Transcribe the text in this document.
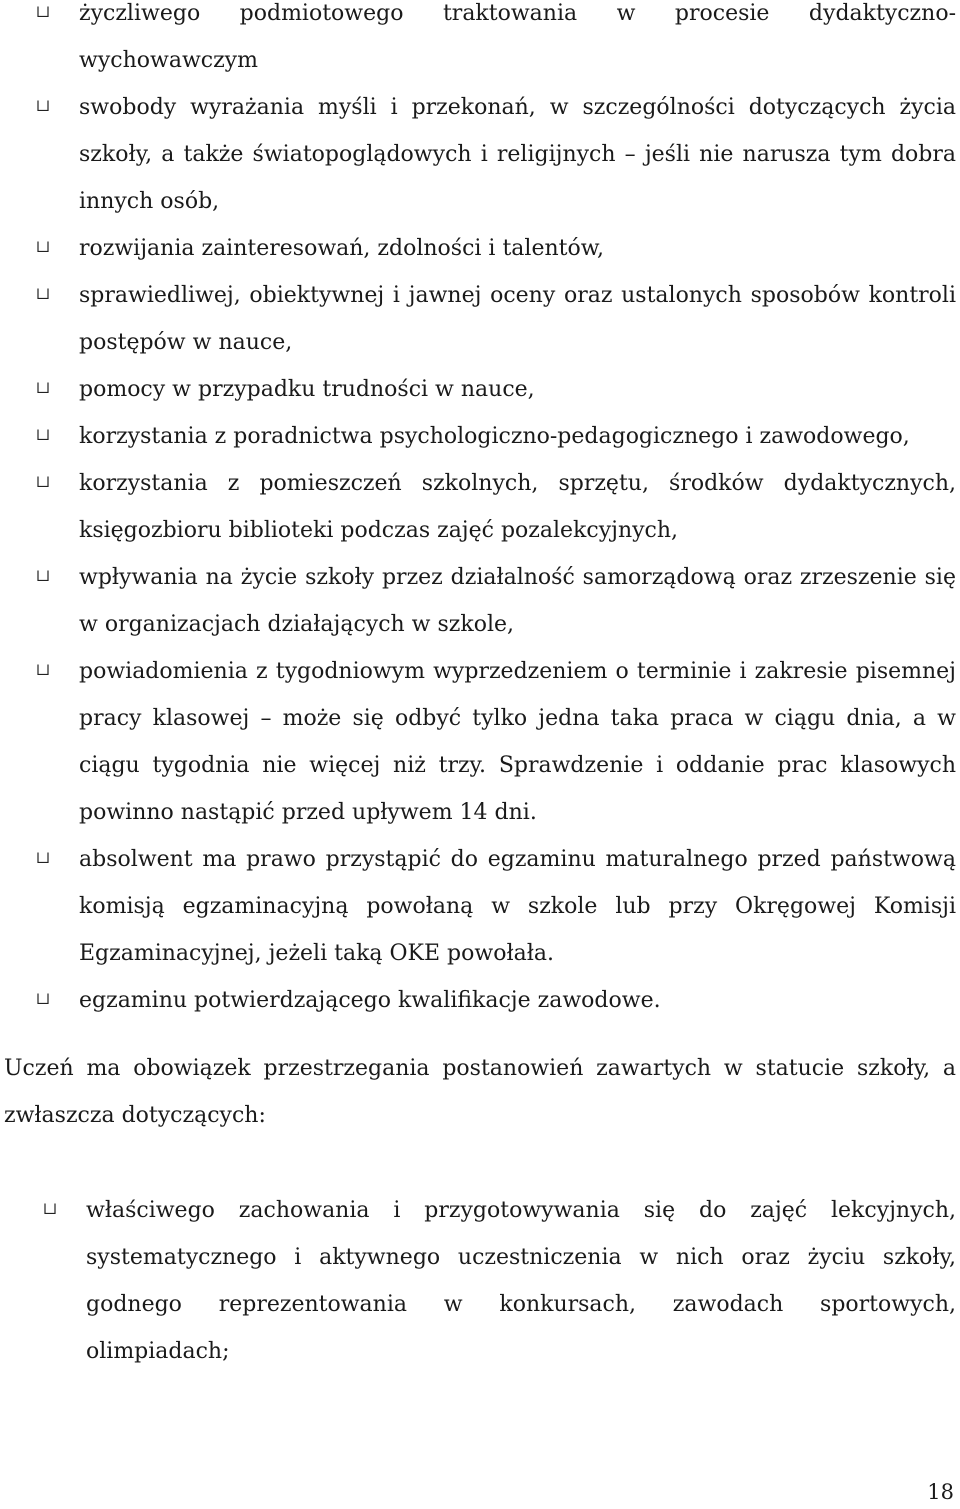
życzliwego podmiotowego traktowania w procesie dydaktyczno-wychowawczym
swobody wyrażania myśli i przekonań, w szczególności dotyczących życia szkoły, a także światopoglądowych i religijnych – jeśli nie narusza tym dobra innych osób,
rozwijania zainteresowań, zdolności i talentów,
sprawiedliwej, obiektywnej i jawnej oceny oraz ustalonych sposobów kontroli postępów w nauce,
pomocy w przypadku trudności w nauce,
korzystania z poradnictwa psychologiczno-pedagogicznego i zawodowego,
korzystania z pomieszczeń szkolnych, sprzętu, środków dydaktycznych, księgozbioru biblioteki podczas zajęć pozalekcyjnych,
wpływania na życie szkoły przez działalność samorządową oraz zrzeszenie się w organizacjach działających w szkole,
powiadomienia z tygodniowym wyprzedzeniem o terminie i zakresie pisemnej pracy klasowej – może się odbyć tylko jedna taka praca w ciągu dnia, a w ciągu tygodnia nie więcej niż trzy. Sprawdzenie i oddanie prac klasowych powinno nastąpić przed upływem 14 dni.
absolwent ma prawo przystąpić do egzaminu maturalnego przed państwową komisją egzaminacyjną powołaną w szkole lub przy Okręgowej Komisji Egzaminacyjnej, jeżeli taką OKE powołała.
egzaminu potwierdzającego kwalifikacje zawodowe.

Uczeń ma obowiązek przestrzegania postanowień zawartych w statucie szkoły, a zwłaszcza dotyczących:

właściwego zachowania i przygotowywania się do zajęć lekcyjnych, systematycznego i aktywnego uczestniczenia w nich oraz życiu szkoły, godnego reprezentowania w konkursach, zawodach sportowych, olimpiadach;
18
